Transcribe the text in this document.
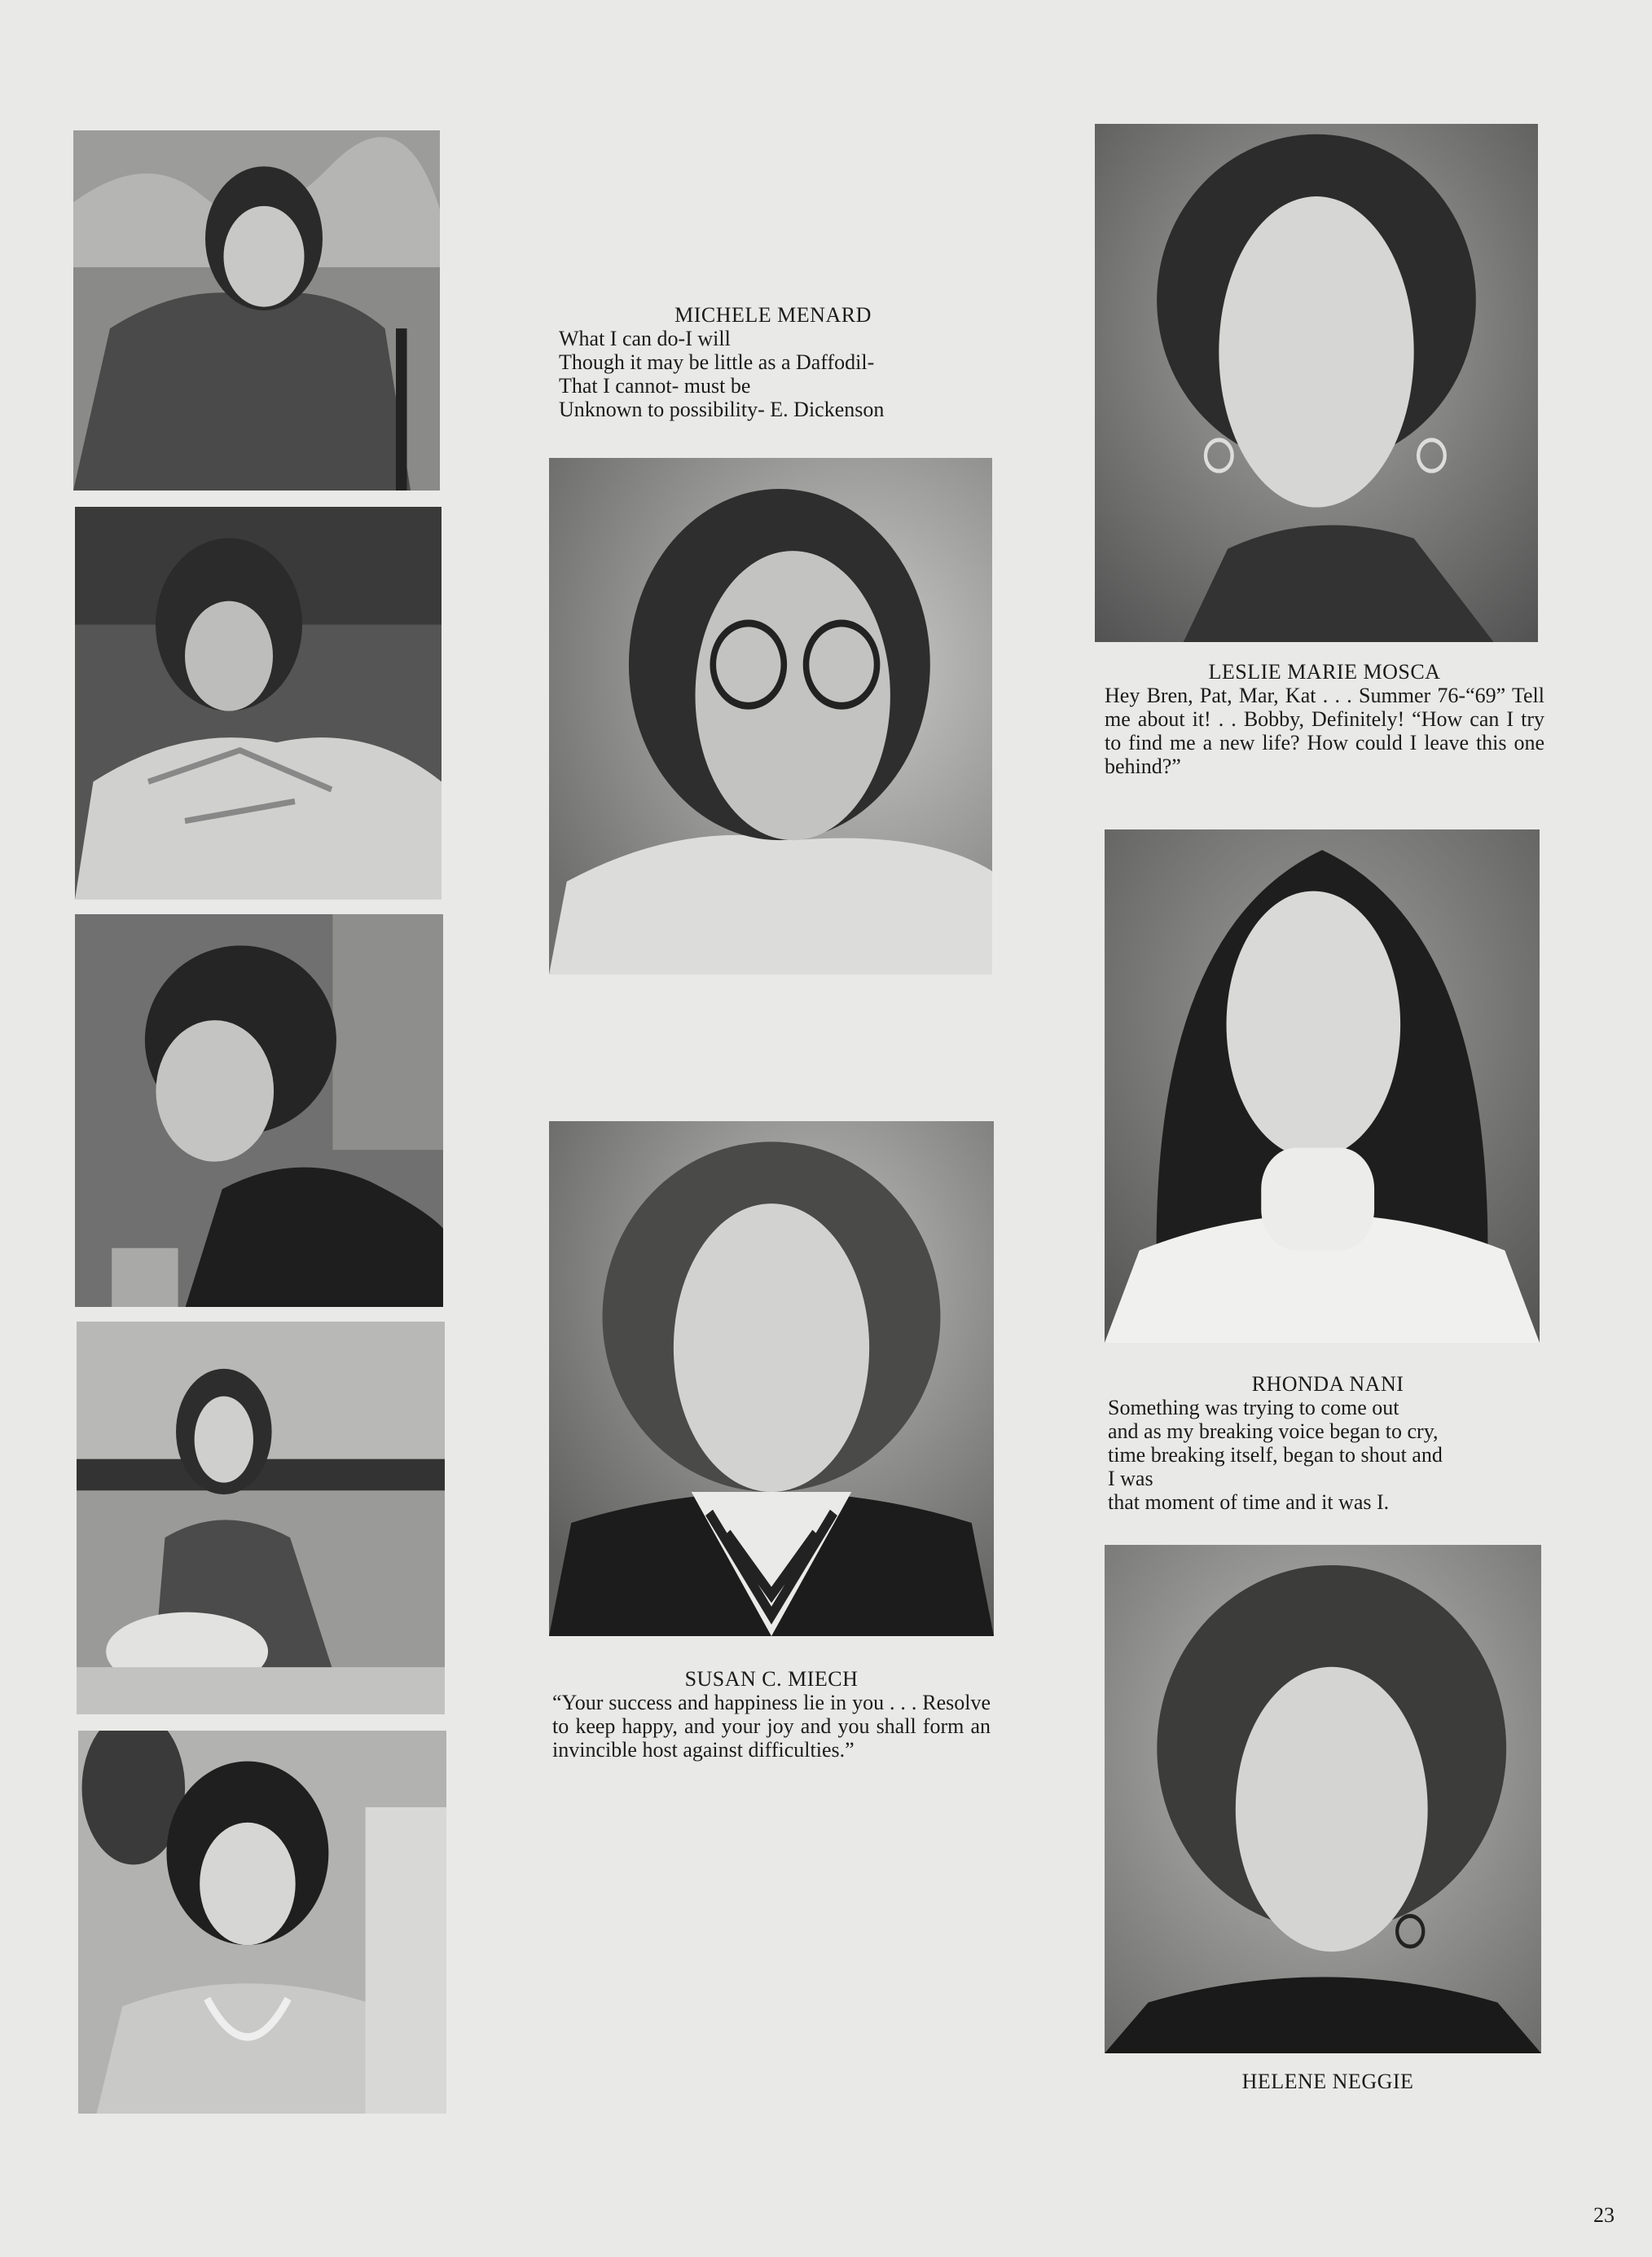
MICHELE MENARD
What I can do-I will
Though it may be little as a Daffodil-
That I cannot- must be
Unknown to possibility- E. Dickenson
SUSAN C. MIECH
“Your success and happiness lie in you . . . Resolve to keep happy, and your joy and you shall form an invincible host against difficulties.”
LESLIE MARIE MOSCA
Hey Bren, Pat, Mar, Kat . . . Summer 76-“69” Tell me about it! . . Bobby, Definitely! “How can I try to find me a new life? How could I leave this one behind?”
RHONDA NANI
Something was trying to come out
and as my breaking voice began to cry,
time breaking itself, began to shout and
I was
that moment of time and it was I.
HELENE NEGGIE
23
